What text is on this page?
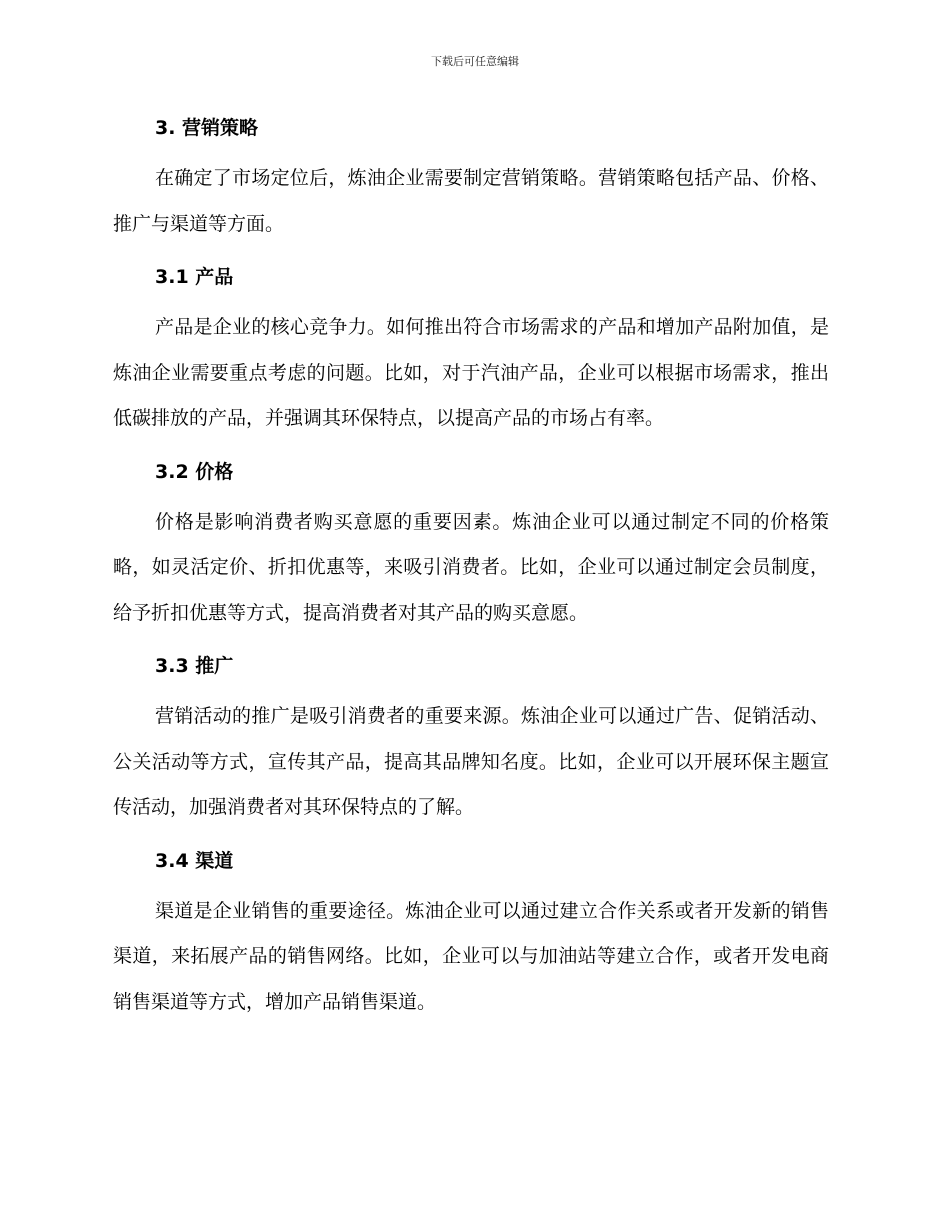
下载后可任意编辑
3. 营销策略

在确定了市场定位后，炼油企业需要制定营销策略。营销策略包括产品、价格、推广与渠道等方面。

3.1 产品

产品是企业的核心竞争力。如何推出符合市场需求的产品和增加产品附加值，是炼油企业需要重点考虑的问题。比如，对于汽油产品，企业可以根据市场需求，推出低碳排放的产品，并强调其环保特点，以提高产品的市场占有率。

3.2 价格

价格是影响消费者购买意愿的重要因素。炼油企业可以通过制定不同的价格策略，如灵活定价、折扣优惠等，来吸引消费者。比如，企业可以通过制定会员制度，给予折扣优惠等方式，提高消费者对其产品的购买意愿。

3.3 推广

营销活动的推广是吸引消费者的重要来源。炼油企业可以通过广告、促销活动、公关活动等方式，宣传其产品，提高其品牌知名度。比如，企业可以开展环保主题宣传活动，加强消费者对其环保特点的了解。

3.4 渠道

渠道是企业销售的重要途径。炼油企业可以通过建立合作关系或者开发新的销售渠道，来拓展产品的销售网络。比如，企业可以与加油站等建立合作，或者开发电商销售渠道等方式，增加产品销售渠道。
